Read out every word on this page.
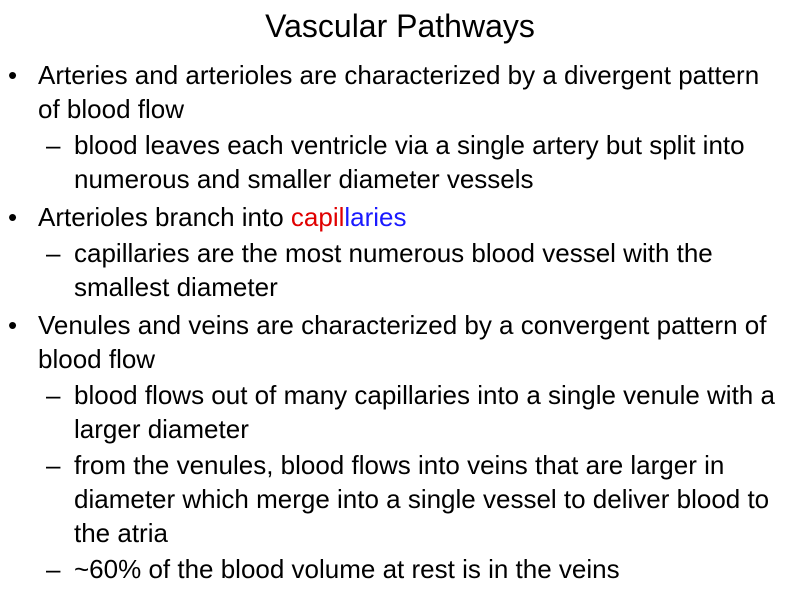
Vascular Pathways
• Arteries and arterioles are characterized by a divergent pattern of blood flow
– blood leaves each ventricle via a single artery but split into numerous and smaller diameter vessels
• Arterioles branch into capillaries
– capillaries are the most numerous blood vessel with the smallest diameter
• Venules and veins are characterized by a convergent pattern of blood flow
– blood flows out of many capillaries into a single venule with a larger diameter
– from the venules, blood flows into veins that are larger in diameter which merge into a single vessel to deliver blood to the atria
– ~60% of the blood volume at rest is in the veins
